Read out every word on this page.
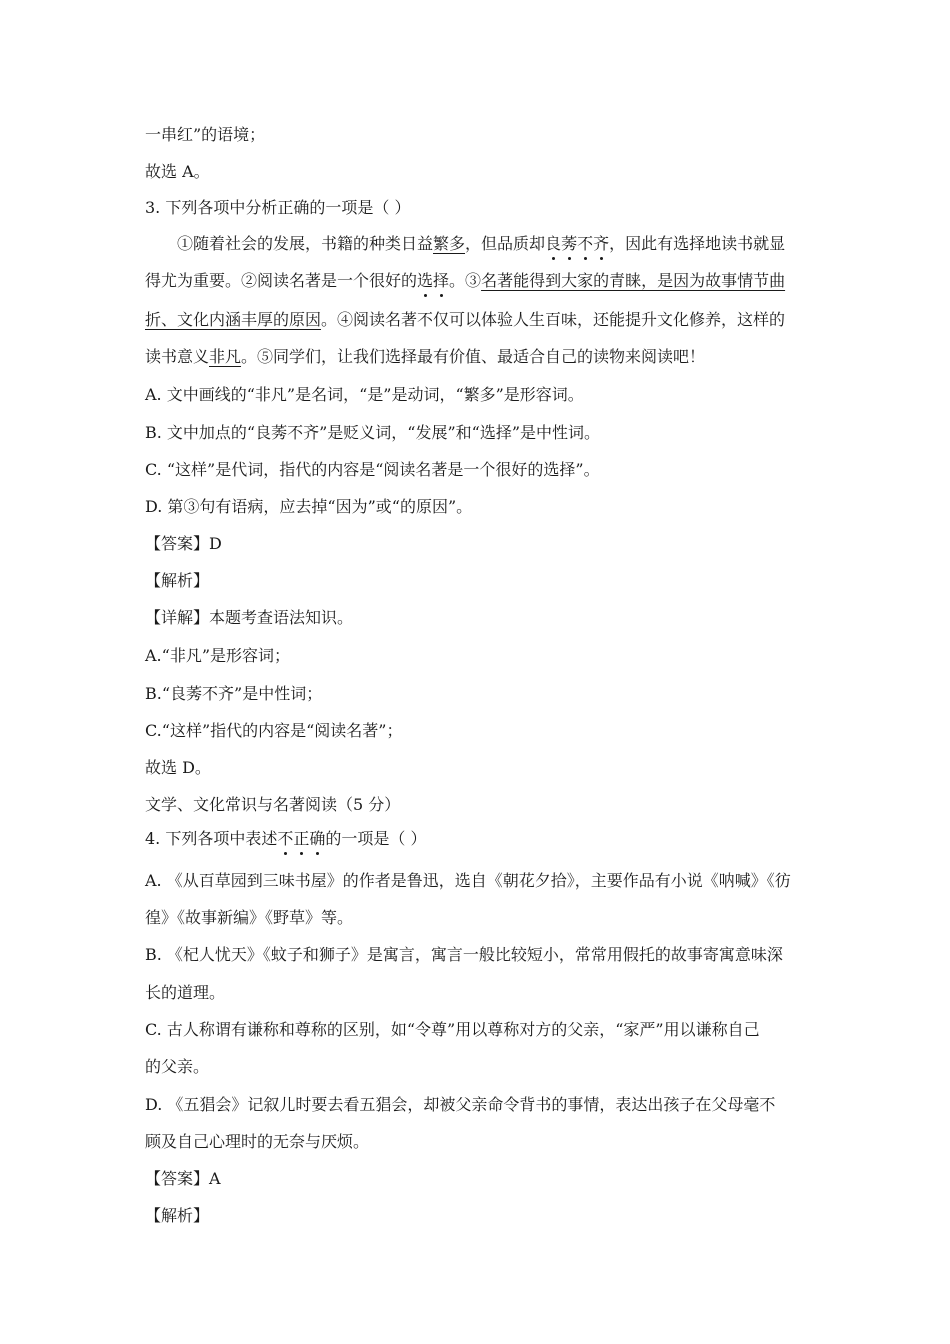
一串红”的语境；
故选 A。
3. 下列各项中分析正确的一项是（ ）
①随着社会的发展，书籍的种类日益繁多，但品质却良莠不齐，因此有选择地读书就显
得尤为重要。②阅读名著是一个很好的选择。③名著能得到大家的青睐，是因为故事情节曲
折、文化内涵丰厚的原因。④阅读名著不仅可以体验人生百味，还能提升文化修养，这样的
读书意义非凡。⑤同学们，让我们选择最有价值、最适合自己的读物来阅读吧！
A. 文中画线的“非凡”是名词，“是”是动词，“繁多”是形容词。
B. 文中加点的“良莠不齐”是贬义词，“发展”和“选择”是中性词。
C. “这样”是代词，指代的内容是“阅读名著是一个很好的选择”。
D. 第③句有语病，应去掉“因为”或“的原因”。
【答案】D
【解析】
【详解】本题考查语法知识。
A.“非凡”是形容词；
B.“良莠不齐”是中性词；
C.“这样”指代的内容是“阅读名著”；
故选 D。
文学、文化常识与名著阅读（5 分）
4. 下列各项中表述不正确的一项是（ ）
A. 《从百草园到三味书屋》的作者是鲁迅，选自《朝花夕拾》，主要作品有小说《呐喊》《彷
徨》《故事新编》《野草》等。
B. 《杞人忧天》《蚊子和狮子》是寓言，寓言一般比较短小，常常用假托的故事寄寓意味深
长的道理。
C. 古人称谓有谦称和尊称的区别，如“令尊”用以尊称对方的父亲，“家严”用以谦称自己
的父亲。
D. 《五猖会》记叙儿时要去看五猖会，却被父亲命令背书的事情，表达出孩子在父母毫不
顾及自己心理时的无奈与厌烦。
【答案】A
【解析】
